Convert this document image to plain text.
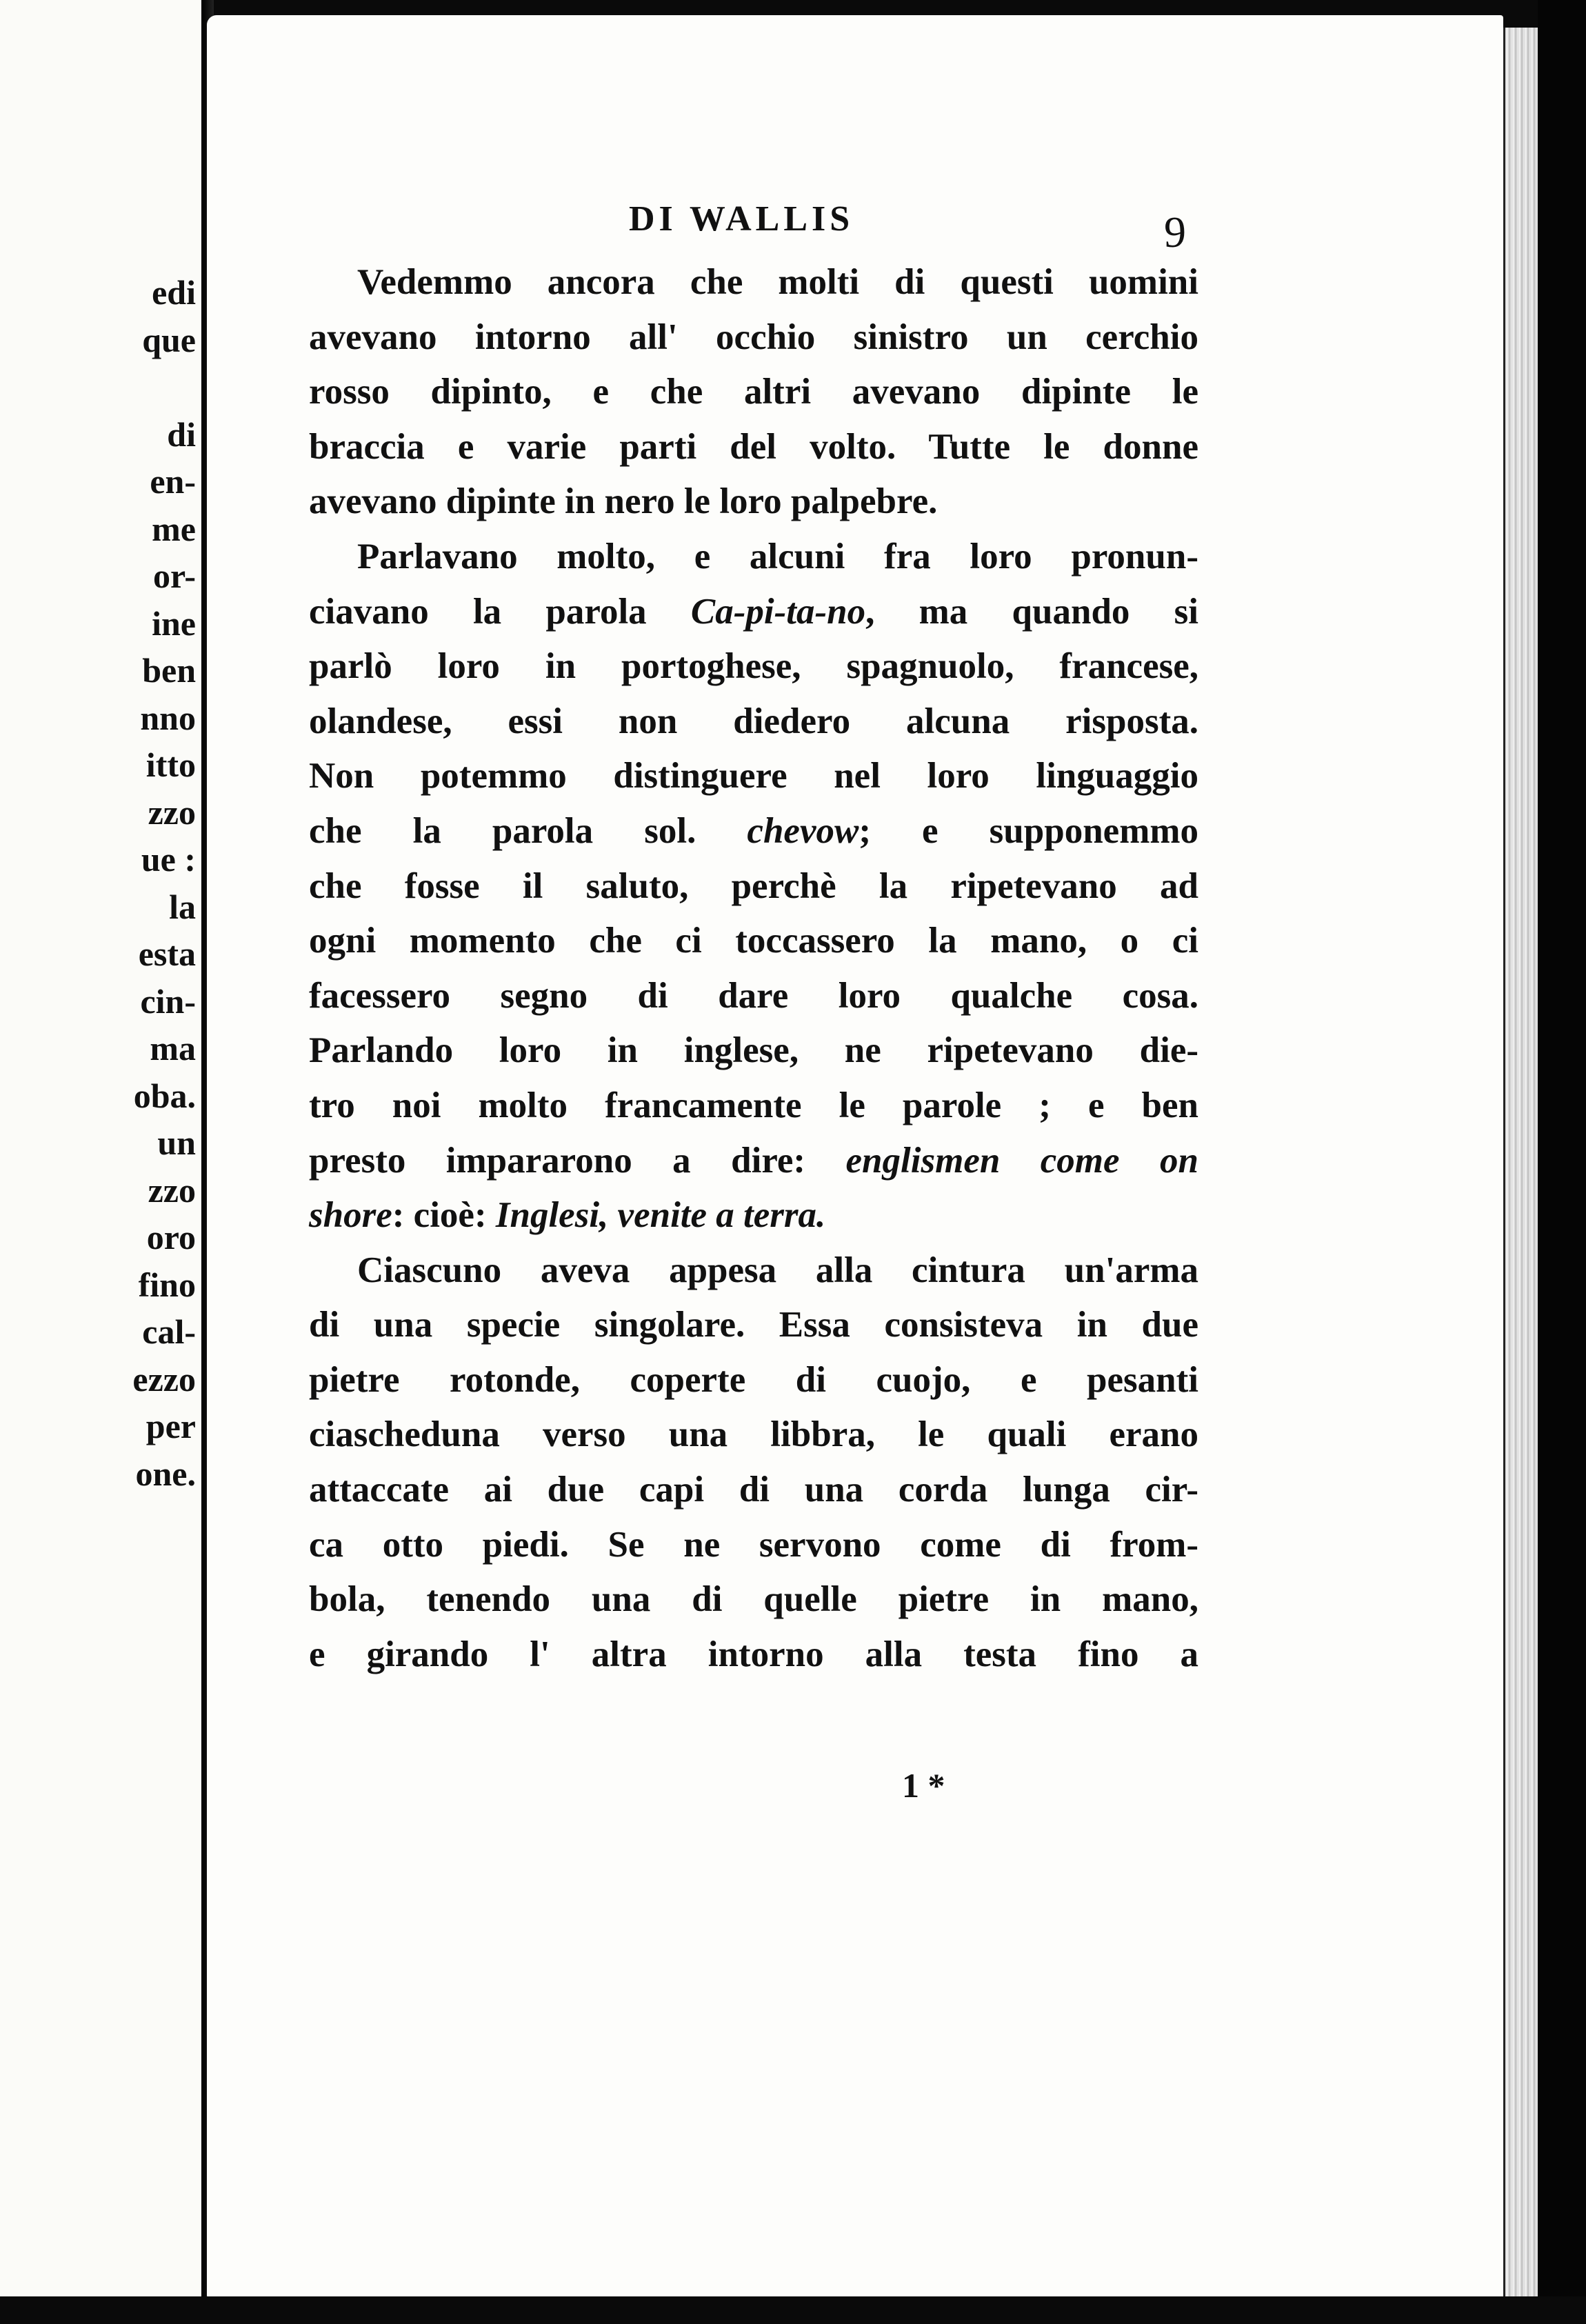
edi
que

di
en-
me
or-
ine
ben
nno
itto
zzo
ue :
la
esta
cin-
ma
oba.
un
zzo
oro
fino
cal-
ezzo
per
one.
DI WALLIS	9
Vedemmo ancora che molti di questi uomini
avevano intorno all' occhio sinistro un cerchio
rosso dipinto, e che altri avevano dipinte le
braccia e varie parti del volto. Tutte le donne
avevano dipinte in nero le loro palpebre.
Parlavano molto, e alcuni fra loro pronun-
ciavano la parola Ca-pi-ta-no, ma quando si
parlò loro in portoghese, spagnuolo, francese,
olandese, essi non diedero alcuna risposta.
Non potemmo distinguere nel loro linguaggio
che la parola sol. chevow; e supponemmo
che fosse il saluto, perchè la ripetevano ad
ogni momento che ci toccassero la mano, o ci
facessero segno di dare loro qualche cosa.
Parlando loro in inglese, ne ripetevano die-
tro noi molto francamente le parole ; e ben
presto impararono a dire: englismen come on
shore: cioè: Inglesi, venite a terra.
Ciascuno aveva appesa alla cintura un'arma
di una specie singolare. Essa consisteva in due
pietre rotonde, coperte di cuojo, e pesanti
ciascheduna verso una libbra, le quali erano
attaccate ai due capi di una corda lunga cir-
ca otto piedi. Se ne servono come di from-
bola, tenendo una di quelle pietre in mano,
e girando l' altra intorno alla testa fino a
1 *
